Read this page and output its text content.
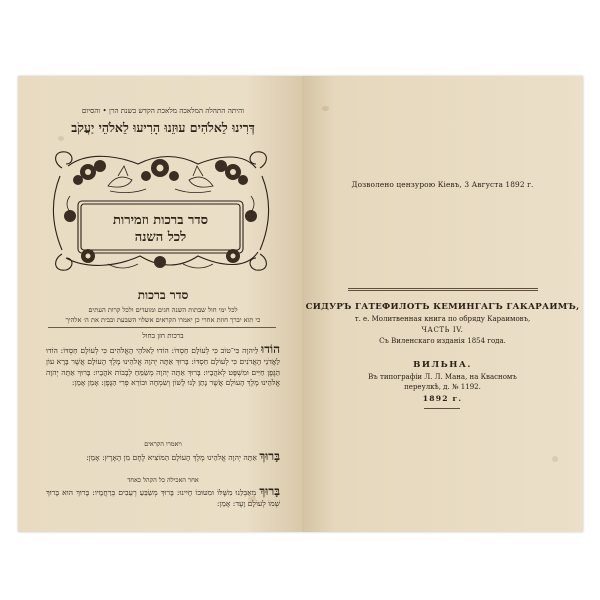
והיתה התהלה המלאכה מלאכת הקדש בשנת הרן • והסיום
דְּרִינוּ לֵאלֹהִים עוּזֵנוּ הָרִיעוּ לֵאלֹהֵי יַעֲקֹב
סדר ברכות וזמירות
לכל השנה
סדר ברכות
לכל ימי חול שבתות השנה חגים ומועדים ולכל קרות העתים
כי תוא יברך חוזת אחרי כן יאמרו הקראים אשלוי השבעת ובבית את ה׳ אלהיך
ברכות חזן בחול
הוֹדוּ לַיהוָה כִּי־טוֹב כִּי לְעוֹלָם חַסְדּוֹ: הוֹדוּ לֵאלֹהֵי הָאֱלֹהִים כִּי לְעוֹלָם חַסְדּוֹ: הוֹדוּ לַאֲדֹנֵי הָאֲדֹנִים כִּי לְעוֹלָם חַסְדּוֹ: בָּרוּךְ אַתָּה יְהוָה אֱלֹהֵינוּ מֶלֶךְ הָעוֹלָם אֲשֶׁר בָּרָא עוֹן הַגֶּפֶן חַיִּים וּמִשְׁפָּט לְאֹהֲבָיו: בָּרוּךְ אַתָּה יְהוָה מְשַׂמֵּחַ לְבָבוֹת אֹהֲבָיו: בָּרוּךְ אַתָּה יְהוָה אֱלֹהֵינוּ מֶלֶךְ הָעוֹלָם אֲשֶׁר נָתַן לָנוּ לָשׁוֹן וְשִׂמְחָה וּבוֹרֵא פְּרִי הַגֶּפֶן: אָמֵן אָמֵן:
ויאמרו הקראים
בָּרוּךְ אַתָּה יְהוָה אֱלֹהֵינוּ מֶלֶךְ הָעוֹלָם הַמּוֹצִיא לֶחֶם מִן הָאָרֶץ: אָמֵן:
אחר האכילה כל הקהל כאחד
בָּרוּךְ מְאַבְּלֵנוּ מִשֶּׁלּוֹ וּמִטּוּבוֹ חָיִינוּ: בָּרוּךְ מְשַׂבֵּעַ רְעֵבִים בְּרַחֲמָיו: בָּרוּךְ הוּא בָּרוּךְ שְׁמוֹ לְעוֹלָם וָעֶד: אָמֵן:
Дозволено цензурою Кіевъ, 3 Августа 1892 г.
СИДУРЪ ГАТЕФИЛОТЪ КЕМИНГАГЪ ГАКАРАИМЪ,
т. е. Молитвенная книга по обряду Караимовъ,
ЧАСТЬ IV.
Съ Виленскаго изданія 1854 года.
ВИЛЬНА.
Въ типографіи Л. Л. Мана, на Квасномъ
переулкѣ, д. № 1192.
1892 г.
